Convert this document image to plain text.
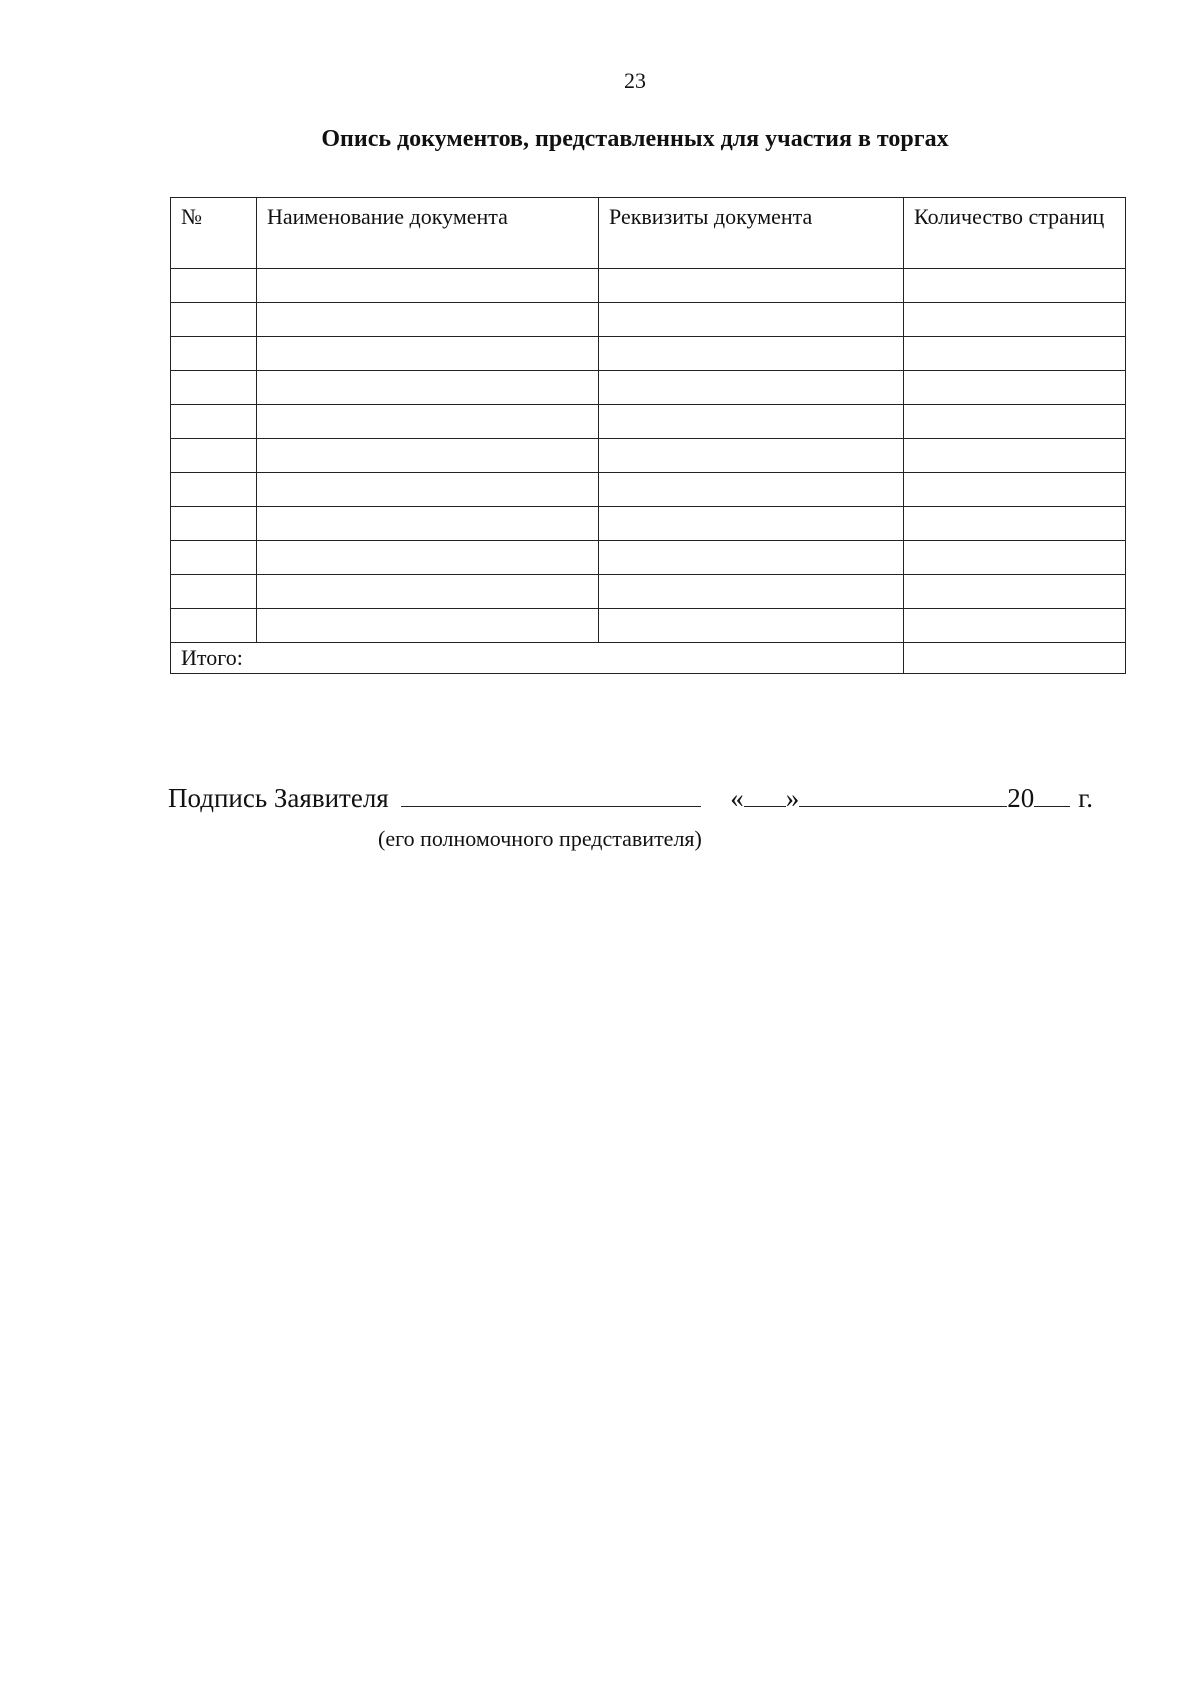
23
Опись документов, представленных для участия в торгах
№	Наименование документа	Реквизиты документа	Количество страниц

Итого:			
Подпись Заявителя	« »	20 г.
(его полномочного представителя)
